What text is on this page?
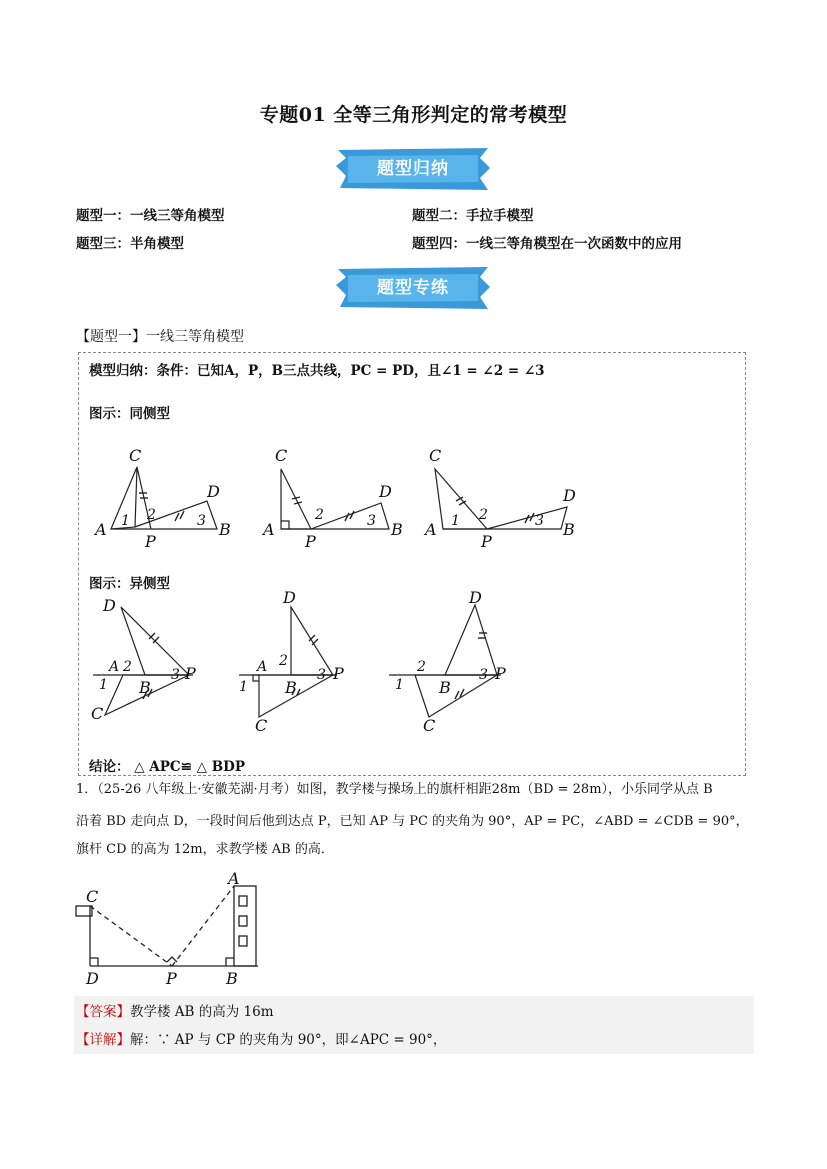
专题01 全等三角形判定的常考模型
题型归纳
题型一：一线三等角模型	题型二：手拉手模型
题型三：半角模型	题型四：一线三等角模型在一次函数中的应用
题型专练
【题型一】一线三等角模型
模型归纳：条件：已知A，P，B三点共线，PC = PD，且∠1 = ∠2 = ∠3
图示：同侧型
C
A
P
B
D
1 2	3
C
A
P
B
D
2	3
C
A
P
B
D
1 2	3
图示：异侧型
D
A 2
B
1
C
3 P
D
A 2
B
1
C
3 P
D
2
B
1
C
3 P
结论： △ APC≌ △ BDP
1．（25-26 八年级上·安徽芜湖·月考）如图，教学楼与操场上的旗杆相距28m（BD = 28m），小乐同学从点 B
沿着 BD 走向点 D，一段时间后他到达点 P，已知 AP 与 PC 的夹角为 90°，AP = PC，∠ABD = ∠CDB = 90°，
旗杆 CD 的高为 12m，求教学楼 AB 的高．
C
A
D	P	B
【答案】教学楼 AB 的高为 16m
【详解】解：∵ AP 与 CP 的夹角为 90°，即∠APC = 90°，
